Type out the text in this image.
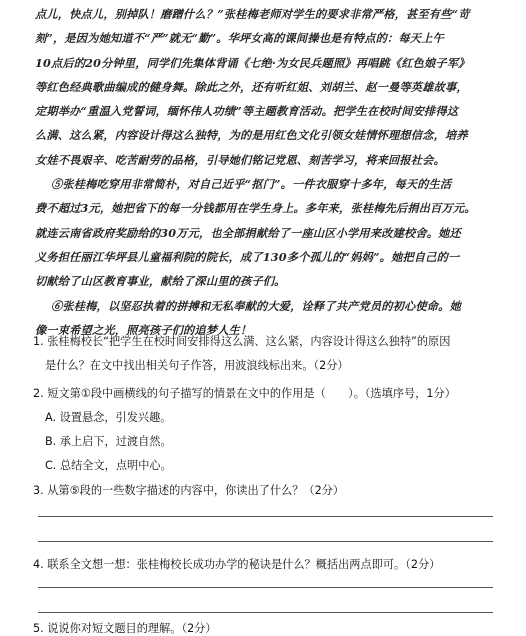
点儿，快点儿，别掉队！磨蹭什么？”张桂梅老师对学生的要求非常严格，甚至有些“苛

刻”，是因为她知道不“严”就无“勤”。华坪女高的课间操也是有特点的：每天上午

10点后的20分钟里，同学们先集体背诵《七绝·为女民兵题照》再唱跳《红色娘子军》

等红色经典歌曲编成的健身舞。除此之外，还有听红姐、刘胡兰、赵一曼等英雄故事，

定期举办“重温入党誓词，缅怀伟人功绩”等主题教育活动。把学生在校时间安排得这

么满、这么紧，内容设计得这么独特，为的是用红色文化引领女娃情怀理想信念，培养

女娃不畏艰辛、吃苦耐劳的品格，引导她们铭记党恩、刻苦学习，将来回报社会。

⑤张桂梅吃穿用非常简朴，对自己近乎“抠门”。一件衣服穿十多年，每天的生活

费不超过3元，她把省下的每一分钱都用在学生身上。多年来，张桂梅先后捐出百万元。

就连云南省政府奖励给的30万元，也全部捐献给了一座山区小学用来改建校舍。她还

义务担任丽江华坪县儿童福利院的院长，成了130多个孤儿的“妈妈”。她把自己的一

切献给了山区教育事业，献给了深山里的孩子们。

⑥张桂梅，以坚忍执着的拼搏和无私奉献的大爱，诠释了共产党员的初心使命。她

像一束希望之光，照亮孩子们的追梦人生！

1. 张桂梅校长“把学生在校时间安排得这么满、这么紧，内容设计得这么独特”的原因

是什么？在文中找出相关句子作答，用波浪线标出来。（2分）

2. 短文第①段中画横线的句子描写的情景在文中的作用是（　　）。（选填序号，1分）

A. 设置悬念，引发兴趣。

B. 承上启下，过渡自然。

C. 总结全文，点明中心。

3. 从第⑤段的一些数字描述的内容中，你读出了什么？（2分）

4. 联系全文想一想：张桂梅校长成功办学的秘诀是什么？概括出两点即可。（2分）

5. 说说你对短文题目的理解。（2分）
